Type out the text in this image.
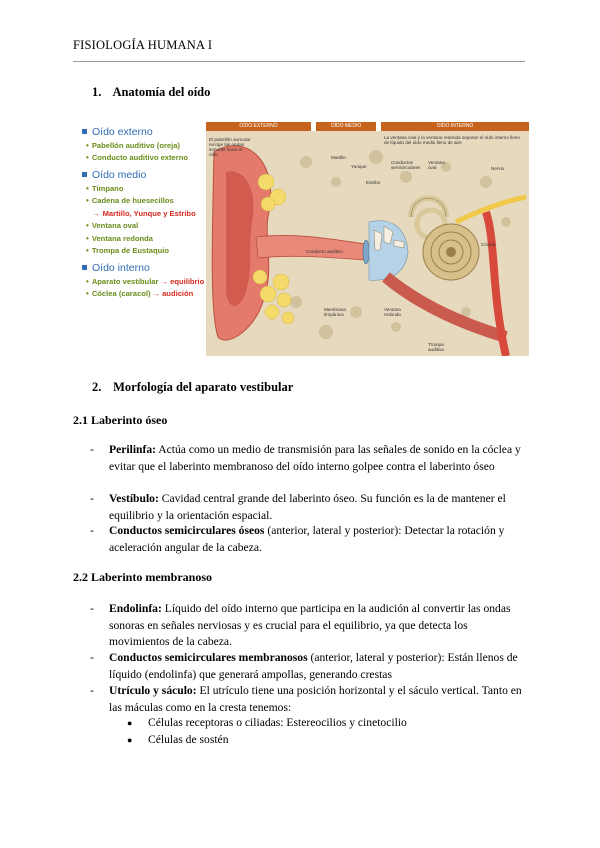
FISIOLOGÍA HUMANA I
1. Anatomía del oído
Oído externo
• Pabellón auditivo (oreja)
• Conducto auditivo externo
Oído medio
• Tímpano
• Cadena de huesecillos
→ Martillo, Yunque y Estribo
• Ventana oval
• Ventana redonda
• Trompa de Eustaquio
Oído interno
• Aparato vestibular → equilibrio
• Cóclea (caracol) → audición
OÍDO EXTERNO	OÍDO MEDIO	OÍDO INTERNO
El pabellón auricular recoge las ondas sonoras hacia el oído
La ventana oval y la ventana redonda separan el oído interno lleno de líquido del oído medio lleno de aire
Martillo
Yunque
Estribo
Conductos semicirculares
Ventana oval	Nervio
Cóclea
Conducto auditivo
Membrana timpánica
Ventana redonda
Trompa auditiva
2. Morfología del aparato vestibular
2.1 Laberinto óseo
- Perilinfa: Actúa como un medio de transmisión para las señales de sonido en la cóclea y evitar que el laberinto membranoso del oído interno golpee contra el laberinto óseo
- Vestíbulo: Cavidad central grande del laberinto óseo. Su función es la de mantener el equilibrio y la orientación espacial.
- Conductos semicirculares óseos (anterior, lateral y posterior): Detectar la rotación y aceleración angular de la cabeza.
2.2 Laberinto membranoso
- Endolinfa: Líquido del oído interno que participa en la audición al convertir las ondas sonoras en señales nerviosas y es crucial para el equilibrio, ya que detecta los movimientos de la cabeza.
- Conductos semicirculares membranosos (anterior, lateral y posterior): Están llenos de líquido (endolinfa) que generará ampollas, generando crestas
- Utrículo y sáculo: El utrículo tiene una posición horizontal y el sáculo vertical. Tanto en las máculas como en la cresta tenemos:
● Células receptoras o ciliadas: Estereocilios y cinetocilio
● Células de sostén
